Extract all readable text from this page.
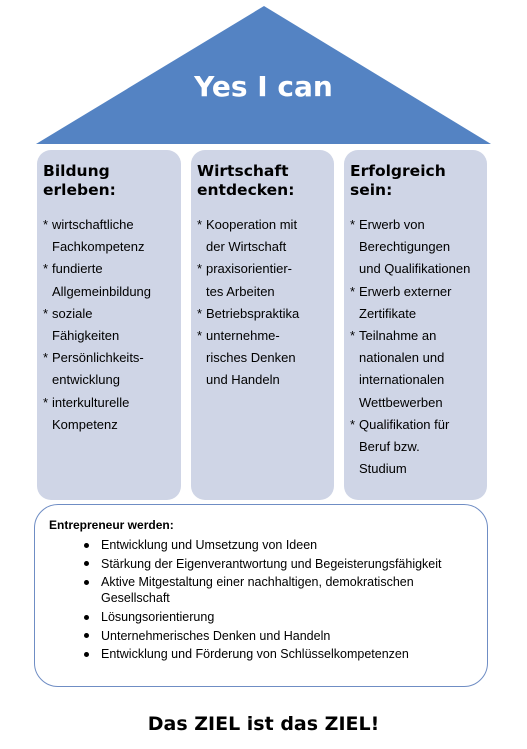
Yes I can
Bildung erleben:
* wirtschaftliche
Fachkompetenz
* fundierte
Allgemeinbildung
* soziale
Fähigkeiten
* Persönlichkeits-
entwicklung
* interkulturelle
Kompetenz
Wirtschaft entdecken:
* Kooperation mit
der Wirtschaft
* praxisorientier-
tes Arbeiten
* Betriebspraktika
* unternehme-
risches Denken
und Handeln
Erfolgreich sein:
* Erwerb von
Berechtigungen
und Qualifikationen
* Erwerb externer
Zertifikate
* Teilnahme an
nationalen und
internationalen
Wettbewerben
* Qualifikation für
Beruf bzw.
Studium
Entrepreneur werden:
Entwicklung und Umsetzung von Ideen
Stärkung der Eigenverantwortung und Begeisterungsfähigkeit
Aktive Mitgestaltung einer nachhaltigen, demokratischen Gesellschaft
Lösungsorientierung
Unternehmerisches Denken und Handeln
Entwicklung und Förderung von Schlüsselkompetenzen
Das ZIEL ist das ZIEL!
